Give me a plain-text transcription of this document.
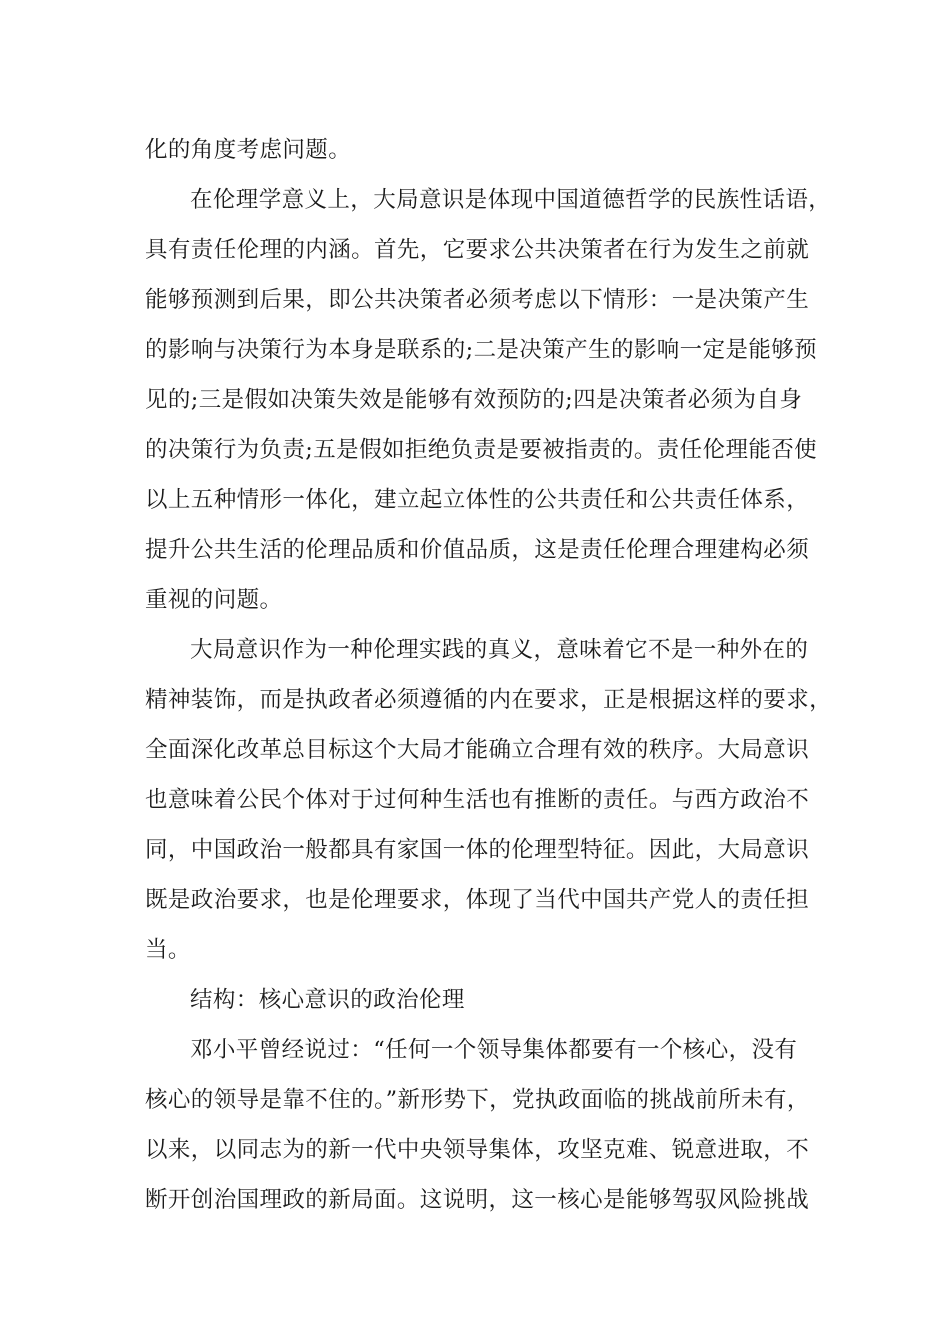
化的角度考虑问题。
在伦理学意义上，大局意识是体现中国道德哲学的民族性话语，
具有责任伦理的内涵。首先，它要求公共决策者在行为发生之前就
能够预测到后果，即公共决策者必须考虑以下情形：一是决策产生
的影响与决策行为本身是联系的;二是决策产生的影响一定是能够预
见的;三是假如决策失效是能够有效预防的;四是决策者必须为自身
的决策行为负责;五是假如拒绝负责是要被指责的。责任伦理能否使
以上五种情形一体化，建立起立体性的公共责任和公共责任体系，
提升公共生活的伦理品质和价值品质，这是责任伦理合理建构必须
重视的问题。
大局意识作为一种伦理实践的真义，意味着它不是一种外在的
精神装饰，而是执政者必须遵循的内在要求，正是根据这样的要求，
全面深化改革总目标这个大局才能确立合理有效的秩序。大局意识
也意味着公民个体对于过何种生活也有推断的责任。与西方政治不
同，中国政治一般都具有家国一体的伦理型特征。因此，大局意识
既是政治要求，也是伦理要求，体现了当代中国共产党人的责任担
当。
结构：核心意识的政治伦理
邓小平曾经说过：“任何一个领导集体都要有一个核心，没有
核心的领导是靠不住的。”新形势下，党执政面临的挑战前所未有，
以来，以同志为的新一代中央领导集体，攻坚克难、锐意进取，不
断开创治国理政的新局面。这说明，这一核心是能够驾驭风险挑战
